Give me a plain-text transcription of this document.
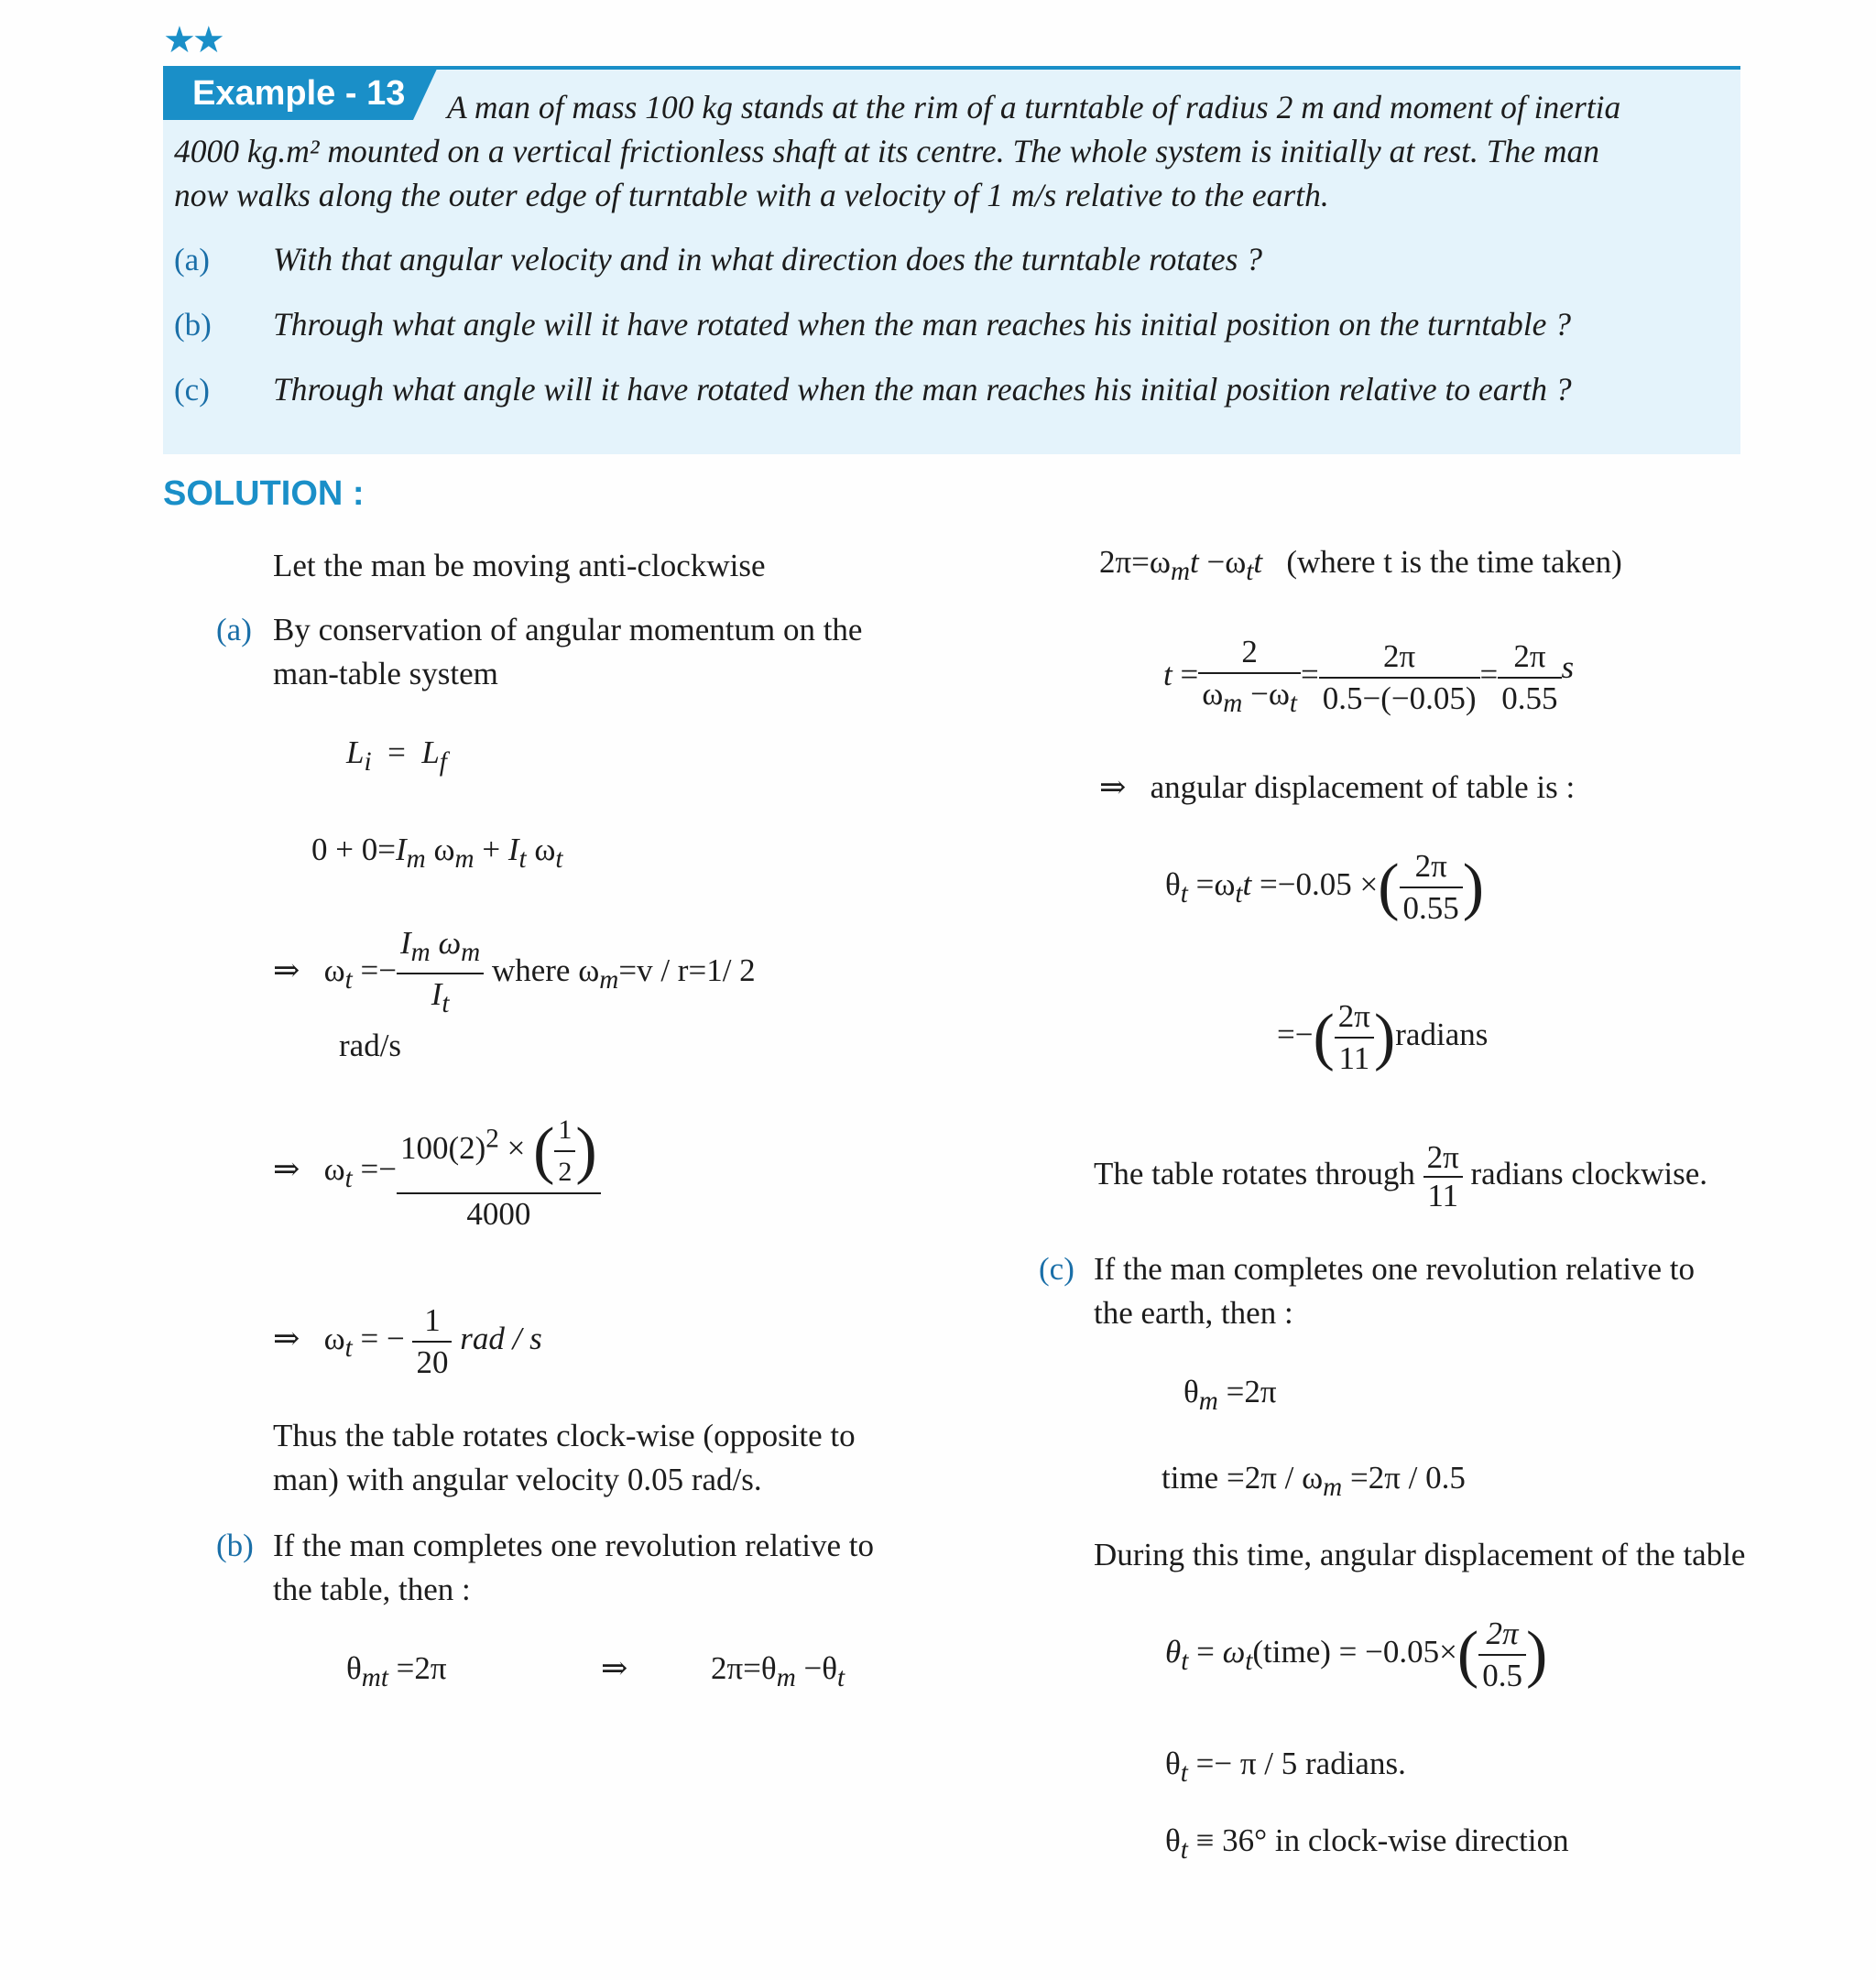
★★
Example - 13 A man of mass 100 kg stands at the rim of a turntable of radius 2 m and moment of inertia
4000 kg.m² mounted on a vertical frictionless shaft at its centre. The whole system is initially at rest. The man
now walks along the outer edge of turntable with a velocity of 1 m/s relative to the earth.
(a) With that angular velocity and in what direction does the turntable rotates ?
(b) Through what angle will it have rotated when the man reaches his initial position on the turntable ?
(c) Through what angle will it have rotated when the man reaches his initial position relative to earth ?
SOLUTION :
Let the man be moving anti-clockwise
(a) By conservation of angular momentum on the
man-table system
$L_i = L_f$
$0 + 0=I_m$ $\omega_m + I_t$ $\omega_t$
⇒   $\omega_t =- \frac{I_m \omega_m}{I_t}$ where $\omega_m=v / r=1/$ 2
rad/s
⇒   $\omega_t =- \frac{100(2)^2 \times ( \frac{1}{2} )}{4000}$
⇒   $\omega_t$ = − $\frac{1}{20}$ rad / s
Thus the table rotates clock-wise (opposite to
man) with angular velocity 0.05 rad/s.
(b) If the man completes one revolution relative to
the table, then :
$\theta_{mt} =2\pi$	⇒	$2\pi=\theta_m -\theta_t$
$2\pi=\omega_mt -\omega_tt$ (where t is the time taken)
$t = \frac{2}{\omega_m -\omega_t} = \frac{2\pi}{0.5-(-0.05)} = \frac{2\pi}{0.55}$ s
⇒ angular displacement of table is :
$\theta_t =\omega_tt =-0.05$ ×( $\frac{2\pi}{0.55}$ )
=−( $\frac{2\pi}{11}$ )radians
The table rotates through $\frac{2\pi}{11}$ radians clockwise.
(c) If the man completes one revolution relative to
the earth, then :
$\theta_m =2\pi$
time $=2\pi / \omega_m =2\pi / 0.5$
During this time, angular displacement of the table
$\theta_t$ = $\omega_t(time) = -0.05\times( \frac{2\pi}{0.5}$ )
$\theta_t =- \pi / 5$ radians.
$\theta_t \equiv 36^\circ$ in clock-wise direction
